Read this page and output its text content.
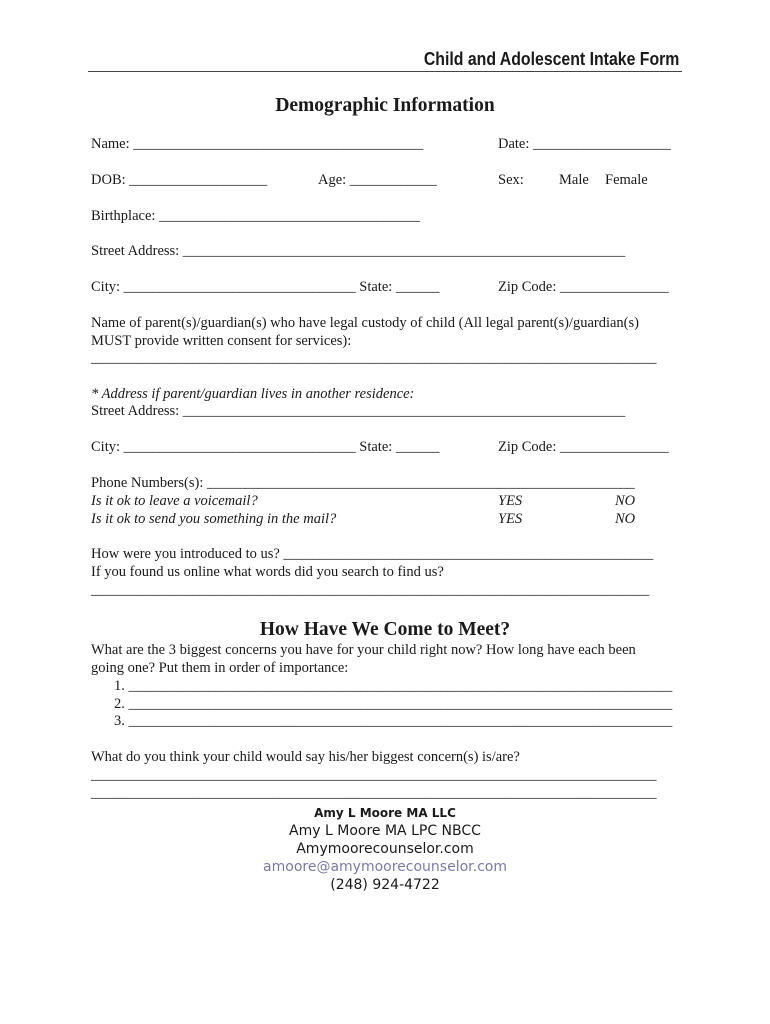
Child and Adolescent Intake Form
Demographic Information
Name: ________________________________________	Date: ___________________
DOB: ___________________	Age: ____________	Sex: Male Female
Birthplace: ____________________________________
Street Address: _____________________________________________________________
City: ________________________________ State: ______	Zip Code: _______________
Name of parent(s)/guardian(s) who have legal custody of child (All legal parent(s)/guardian(s)
MUST provide written consent for services):
______________________________________________________________________________
* Address if parent/guardian lives in another residence:
Street Address: _____________________________________________________________
City: ________________________________ State: ______	Zip Code: _______________
Phone Numbers(s): ___________________________________________________________
Is it ok to leave a voicemail?	YES	NO
Is it ok to send you something in the mail?	YES	NO
How were you introduced to us? ___________________________________________________
If you found us online what words did you search to find us?
_____________________________________________________________________________
How Have We Come to Meet?
What are the 3 biggest concerns you have for your child right now? How long have each been
going one? Put them in order of importance:
1. ___________________________________________________________________________
2. ___________________________________________________________________________
3. ___________________________________________________________________________
What do you think your child would say his/her biggest concern(s) is/are?
______________________________________________________________________________
______________________________________________________________________________
Amy L Moore MA LLC
Amy L Moore MA LPC NBCC
Amymoorecounselor.com
amoore@amymoorecounselor.com
(248) 924-4722
